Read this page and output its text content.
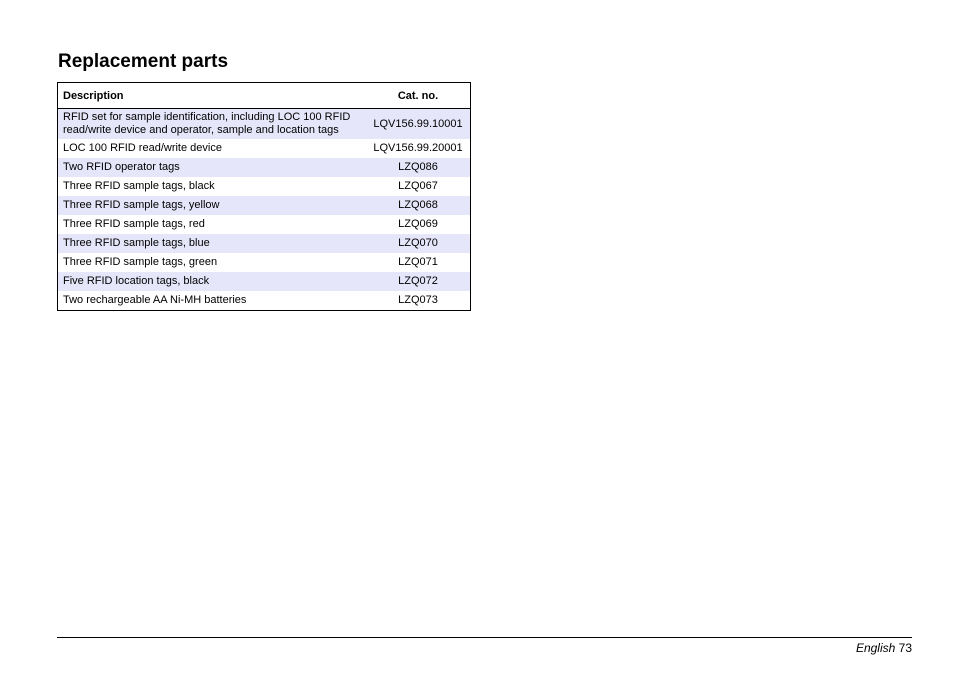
Replacement parts
Description	Cat. no.
RFID set for sample identification, including LOC 100 RFID read/write device and operator, sample and location tags	LQV156.99.10001
LOC 100 RFID read/write device	LQV156.99.20001
Two RFID operator tags	LZQ086
Three RFID sample tags, black	LZQ067
Three RFID sample tags, yellow	LZQ068
Three RFID sample tags, red	LZQ069
Three RFID sample tags, blue	LZQ070
Three RFID sample tags, green	LZQ071
Five RFID location tags, black	LZQ072
Two rechargeable AA Ni-MH batteries	LZQ073
English 73
